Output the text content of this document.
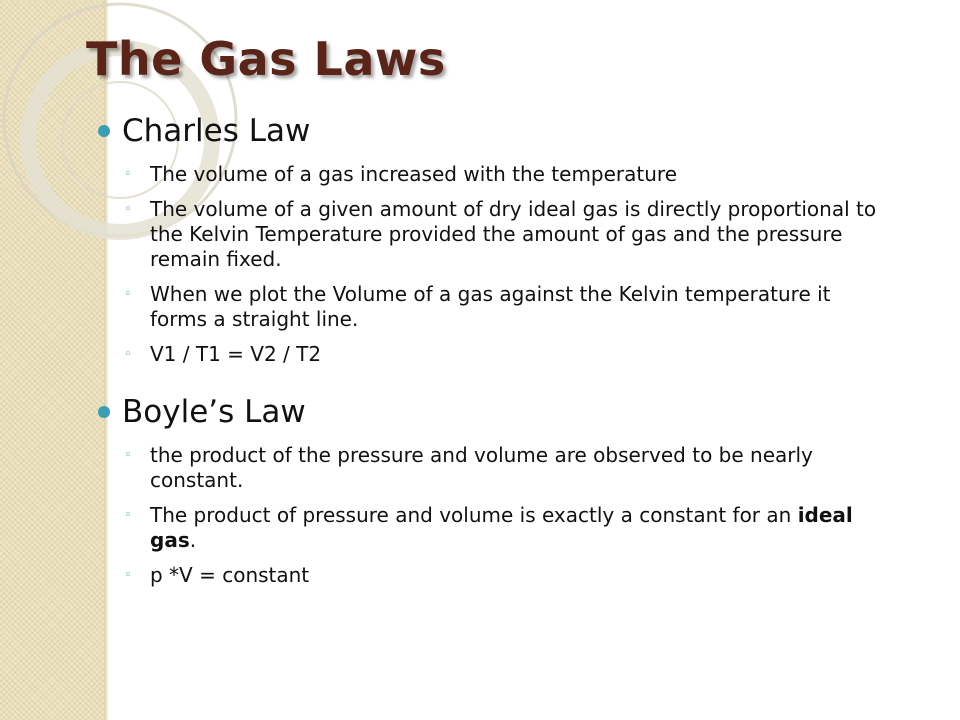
The Gas Laws
Charles Law
◦ The volume of a gas increased with the temperature
◦ The volume of a given amount of dry ideal gas is directly proportional to the Kelvin Temperature provided the amount of gas and the pressure remain fixed.
◦ When we plot the Volume of a gas against the Kelvin temperature it forms a straight line.
◦ V1 / T1 = V2 / T2
Boyle’s Law
◦ the product of the pressure and volume are observed to be nearly constant.
◦ The product of pressure and volume is exactly a constant for an ideal gas.
◦ p *V = constant
